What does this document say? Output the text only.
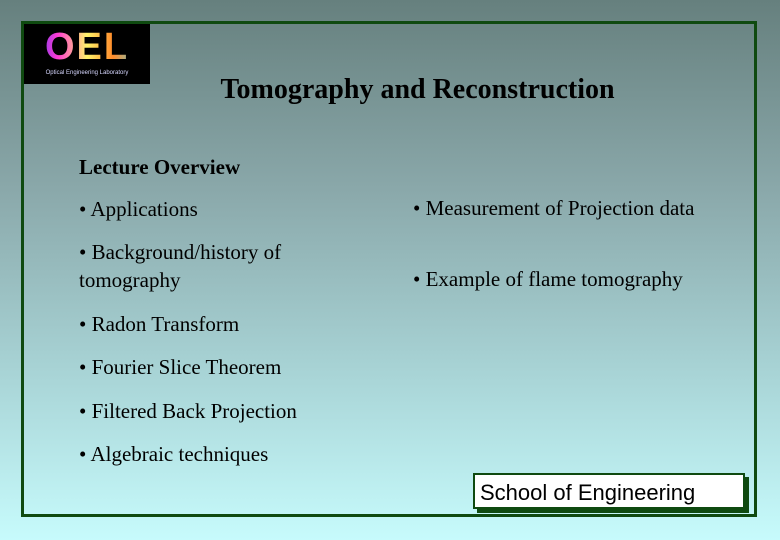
OEL
Optical Engineering Laboratory
Tomography and Reconstruction
Lecture Overview
• Applications
• Background/history of tomography
• Radon Transform
• Fourier Slice Theorem
• Filtered Back Projection
• Algebraic techniques
• Measurement of Projection data
• Example of flame tomography
School of Engineering
